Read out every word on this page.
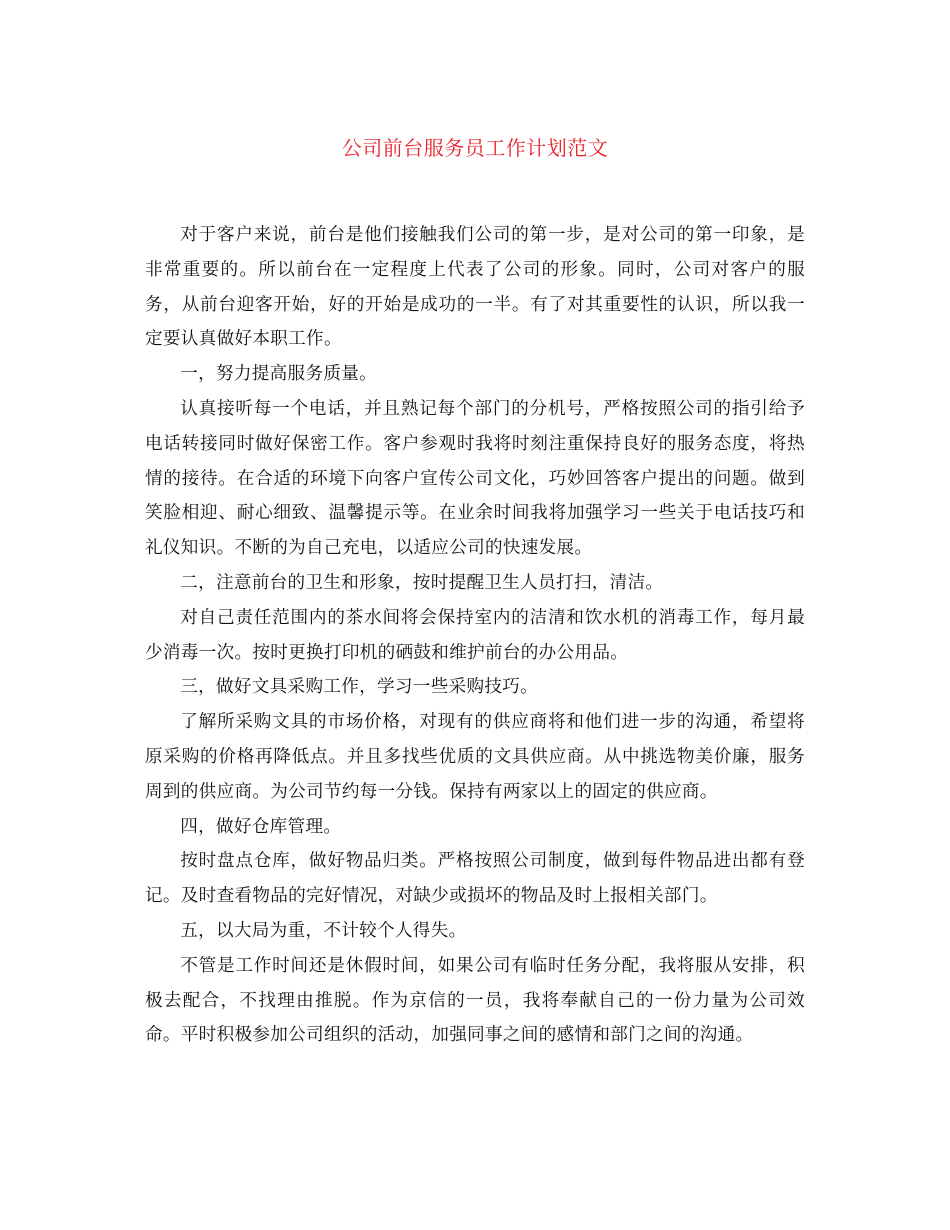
公司前台服务员工作计划范文

对于客户来说，前台是他们接触我们公司的第一步，是对公司的第一印象，是非常重要的。所以前台在一定程度上代表了公司的形象。同时，公司对客户的服务，从前台迎客开始，好的开始是成功的一半。有了对其重要性的认识，所以我一定要认真做好本职工作。

一，努力提高服务质量。

认真接听每一个电话，并且熟记每个部门的分机号，严格按照公司的指引给予电话转接同时做好保密工作。客户参观时我将时刻注重保持良好的服务态度，将热情的接待。在合适的环境下向客户宣传公司文化，巧妙回答客户提出的问题。做到笑脸相迎、耐心细致、温馨提示等。在业余时间我将加强学习一些关于电话技巧和礼仪知识。不断的为自己充电，以适应公司的快速发展。

二，注意前台的卫生和形象，按时提醒卫生人员打扫，清洁。

对自己责任范围内的茶水间将会保持室内的洁清和饮水机的消毒工作，每月最少消毒一次。按时更换打印机的硒鼓和维护前台的办公用品。

三，做好文具采购工作，学习一些采购技巧。

了解所采购文具的市场价格，对现有的供应商将和他们进一步的沟通，希望将原采购的价格再降低点。并且多找些优质的文具供应商。从中挑选物美价廉，服务周到的供应商。为公司节约每一分钱。保持有两家以上的固定的供应商。

四，做好仓库管理。

按时盘点仓库，做好物品归类。严格按照公司制度，做到每件物品进出都有登记。及时查看物品的完好情况，对缺少或损坏的物品及时上报相关部门。

五，以大局为重，不计较个人得失。

不管是工作时间还是休假时间，如果公司有临时任务分配，我将服从安排，积极去配合，不找理由推脱。作为京信的一员，我将奉献自己的一份力量为公司效命。平时积极参加公司组织的活动，加强同事之间的感情和部门之间的沟通。
